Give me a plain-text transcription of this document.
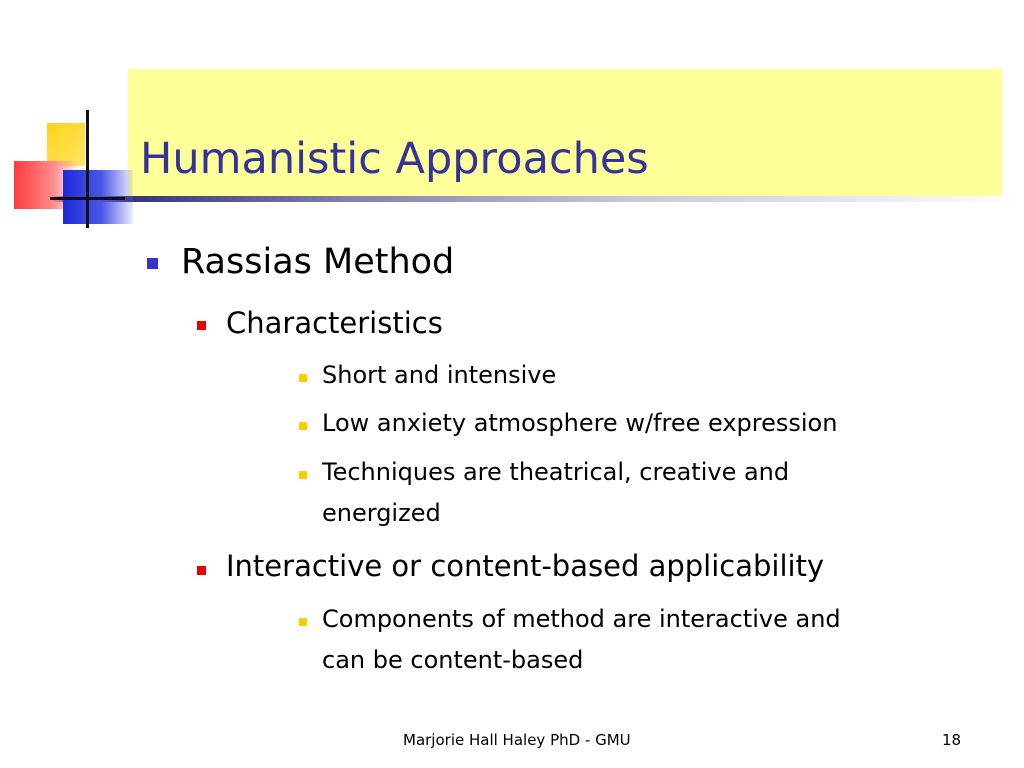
Humanistic Approaches
Rassias Method
Characteristics
Short and intensive
Low anxiety atmosphere w/free expression
Techniques are theatrical, creative and
energized
Interactive or content-based applicability
Components of method are interactive and
can be content-based
Marjorie Hall Haley PhD - GMU	18
